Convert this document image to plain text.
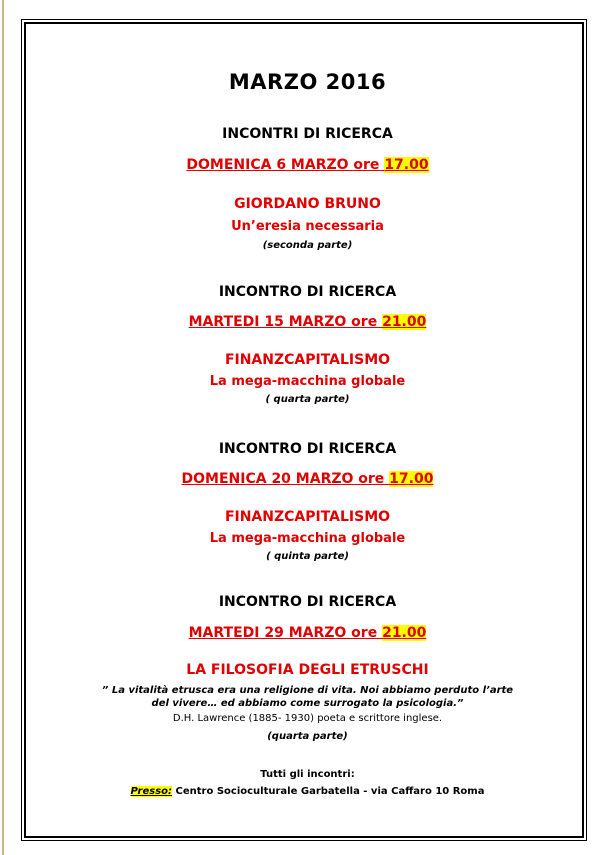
MARZO 2016
INCONTRI DI RICERCA
DOMENICA 6 MARZO ore 17.00
GIORDANO BRUNO
Un’eresia necessaria
(seconda parte)
INCONTRO DI RICERCA
MARTEDI 15 MARZO ore 21.00
FINANZCAPITALISMO
La mega-macchina globale
( quarta parte)
INCONTRO DI RICERCA
DOMENICA 20 MARZO ore 17.00
FINANZCAPITALISMO
La mega-macchina globale
( quinta parte)
INCONTRO DI RICERCA
MARTEDI 29 MARZO ore 21.00
LA FILOSOFIA DEGLI ETRUSCHI
” La vitalità etrusca era una religione di vita. Noi abbiamo perduto l’arte
del vivere… ed abbiamo come surrogato la psicologia.”
D.H. Lawrence (1885- 1930) poeta e scrittore inglese.
(quarta parte)
Tutti gli incontri:
Presso: Centro Socioculturale Garbatella - via Caffaro 10 Roma
